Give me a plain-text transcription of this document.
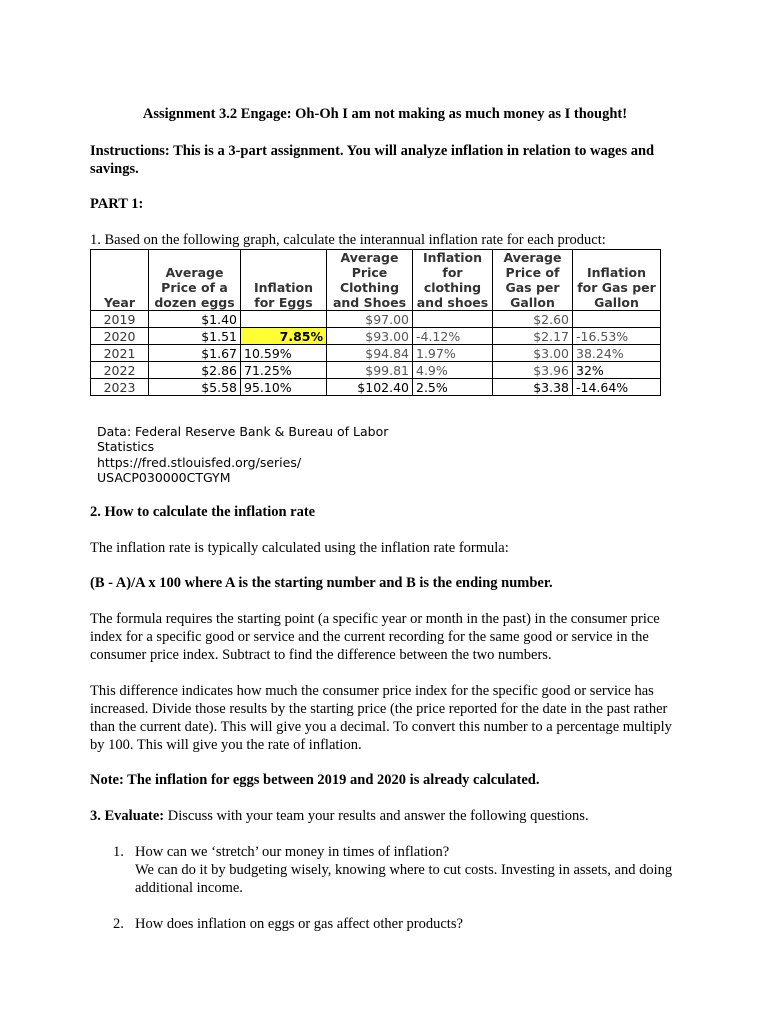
Assignment 3.2 Engage: Oh-Oh I am not making as much money as I thought!

Instructions: This is a 3-part assignment. You will analyze inflation in relation to wages and savings.

PART 1:

1. Based on the following graph, calculate the interannual inflation rate for each product:

Year	Average Price of a dozen eggs	Inflation for Eggs	Average Price Clothing and Shoes	Inflation for clothing and shoes	Average Price of Gas per Gallon	Inflation for Gas per Gallon
2019	$1.40		$97.00		$2.60	
2020	$1.51	7.85%	$93.00	-4.12%	$2.17	-16.53%
2021	$1.67	10.59%	$94.84	1.97%	$3.00	38.24%
2022	$2.86	71.25%	$99.81	4.9%	$3.96	32%
2023	$5.58	95.10%	$102.40	2.5%	$3.38	-14.64%
Data: Federal Reserve Bank & Bureau of Labor
Statistics
https://fred.stlouisfed.org/series/
USACP030000CTGYM

2. How to calculate the inflation rate

The inflation rate is typically calculated using the inflation rate formula:

(B - A)/A x 100 where A is the starting number and B is the ending number.

The formula requires the starting point (a specific year or month in the past) in the consumer price index for a specific good or service and the current recording for the same good or service in the consumer price index. Subtract to find the difference between the two numbers.

This difference indicates how much the consumer price index for the specific good or service has increased. Divide those results by the starting price (the price reported for the date in the past rather than the current date). This will give you a decimal. To convert this number to a percentage multiply by 100. This will give you the rate of inflation.

Note: The inflation for eggs between 2019 and 2020 is already calculated.

3. Evaluate: Discuss with your team your results and answer the following questions.

1. How can we ‘stretch’ our money in times of inflation?
We can do it by budgeting wisely, knowing where to cut costs. Investing in assets, and doing additional income.
2. How does inflation on eggs or gas affect other products?
